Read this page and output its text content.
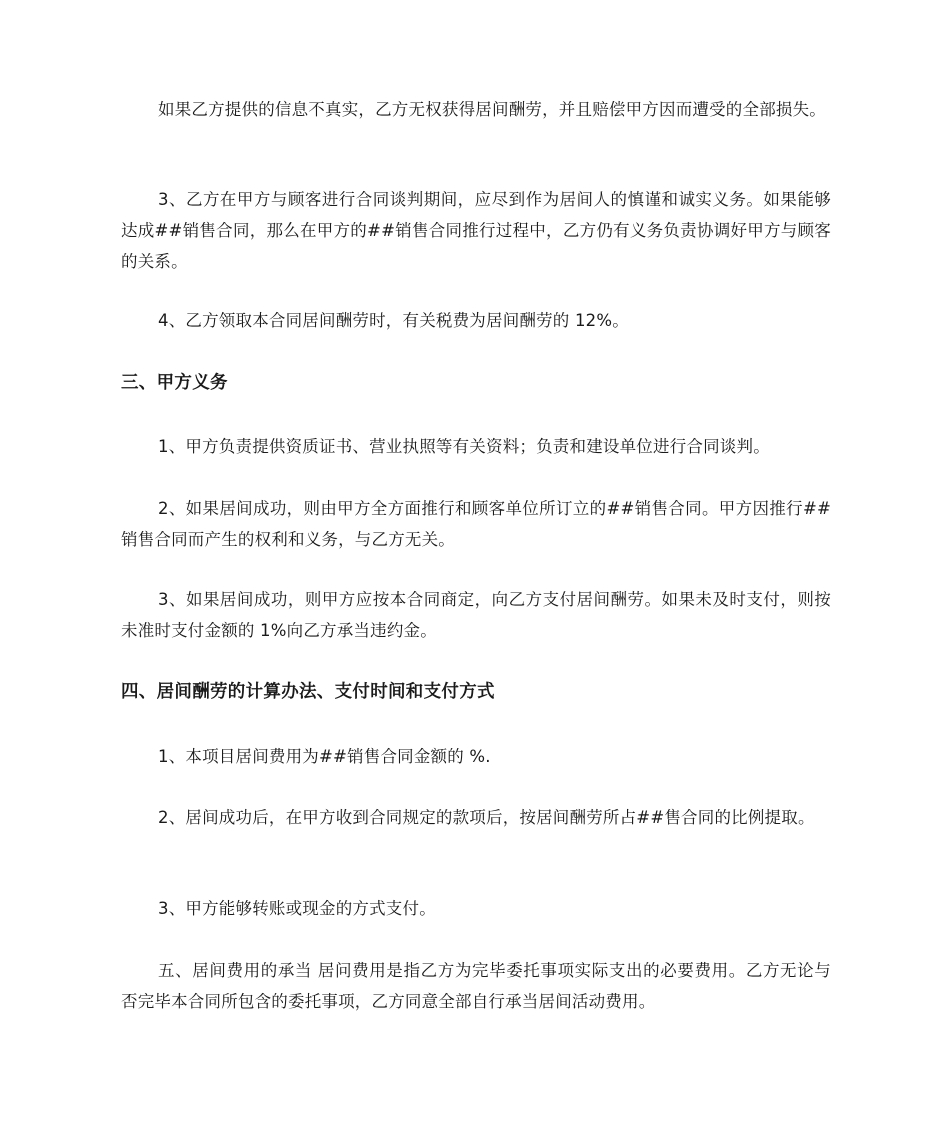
如果乙方提供的信息不真实，乙方无权获得居间酬劳，并且赔偿甲方因而遭受的全部损失。

3、乙方在甲方与顾客进行合同谈判期间，应尽到作为居间人的慎谨和诚实义务。如果能够达成##销售合同，那么在甲方的##销售合同推行过程中，乙方仍有义务负责协调好甲方与顾客的关系。

4、乙方领取本合同居间酬劳时，有关税费为居间酬劳的 12%。

三、甲方义务

1、甲方负责提供资质证书、营业执照等有关资料；负责和建设单位进行合同谈判。

2、如果居间成功，则由甲方全方面推行和顾客单位所订立的##销售合同。甲方因推行##销售合同而产生的权利和义务，与乙方无关。

3、如果居间成功，则甲方应按本合同商定，向乙方支付居间酬劳。如果未及时支付，则按未准时支付金额的 1%向乙方承当违约金。

四、居间酬劳的计算办法、支付时间和支付方式

1、本项目居间费用为##销售合同金额的 %.

2、居间成功后，在甲方收到合同规定的款项后，按居间酬劳所占##售合同的比例提取。

3、甲方能够转账或现金的方式支付。

五、居间费用的承当 居问费用是指乙方为完毕委托事项实际支出的必要费用。乙方无论与否完毕本合同所包含的委托事项，乙方同意全部自行承当居间活动费用。
